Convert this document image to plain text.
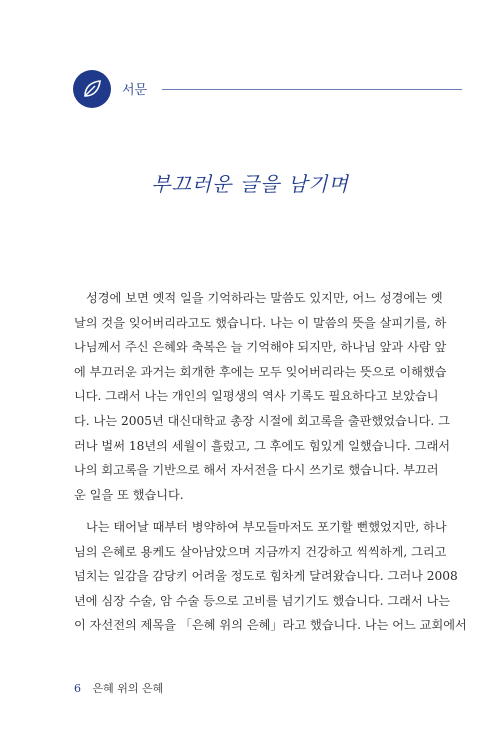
서문
부끄러운 글을 남기며

성경에 보면 옛적 일을 기억하라는 말씀도 있지만, 어느 성경에는 옛
날의 것을 잊어버리라고도 했습니다. 나는 이 말씀의 뜻을 살피기를, 하
나님께서 주신 은혜와 축복은 늘 기억해야 되지만, 하나님 앞과 사람 앞
에 부끄러운 과거는 회개한 후에는 모두 잊어버리라는 뜻으로 이해했습
니다. 그래서 나는 개인의 일평생의 역사 기록도 필요하다고 보았습니
다. 나는 2005년 대신대학교 총장 시절에 회고록을 출판했었습니다. 그
러나 벌써 18년의 세월이 흘렀고, 그 후에도 힘있게 일했습니다. 그래서
나의 회고록을 기반으로 해서 자서전을 다시 쓰기로 했습니다. 부끄러
운 일을 또 했습니다.

나는 태어날 때부터 병약하여 부모들마저도 포기할 뻔했었지만, 하나
님의 은혜로 용케도 살아남았으며 지금까지 건강하고 씩씩하게, 그리고
넘치는 일감을 감당키 어려울 정도로 힘차게 달려왔습니다. 그러나 2008
년에 심장 수술, 암 수술 등으로 고비를 넘기기도 했습니다. 그래서 나는
이 자선전의 제목을 「은혜 위의 은혜」라고 했습니다. 나는 어느 교회에서

6 은혜 위의 은혜
